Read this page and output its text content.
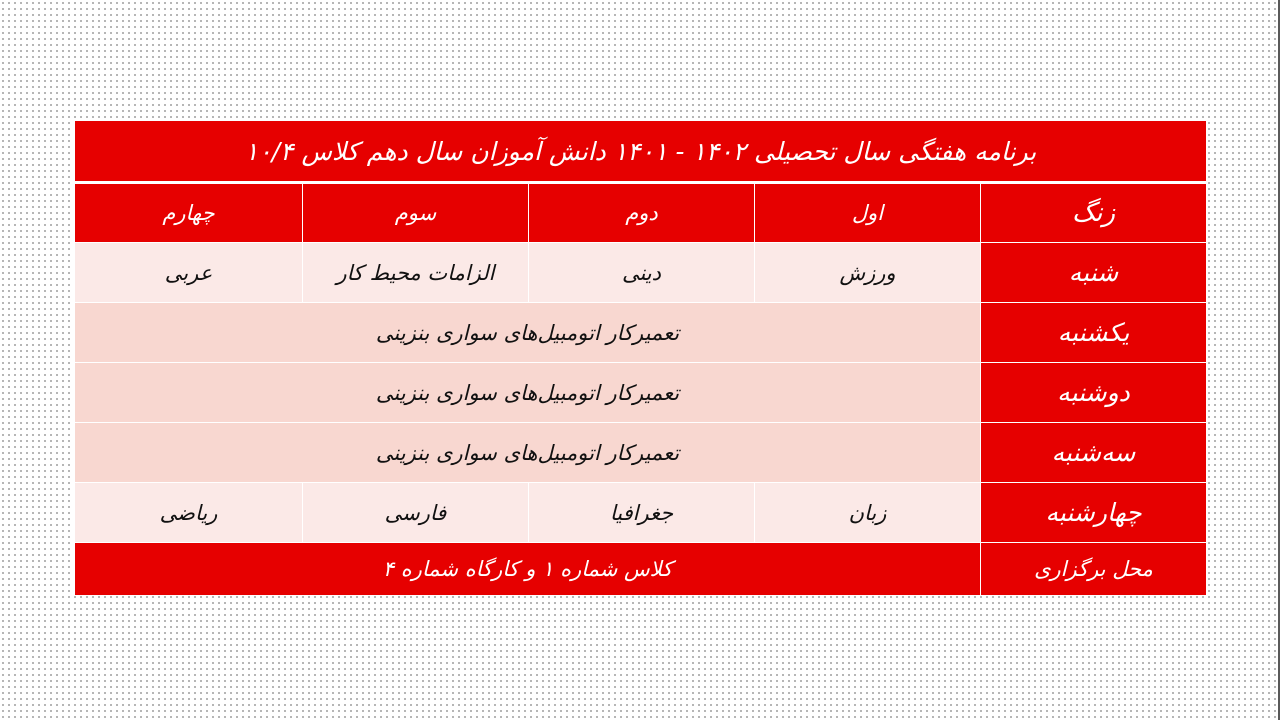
برنامه هفتگی سال تحصیلی ۱۴۰۲ - ۱۴۰۱ دانش آموزان سال دهم کلاس ۱۰/۴				
زنگ	اول	دوم	سوم	چهارم
شنبه	ورزش	دینی	الزامات محیط کار	عربی
یکشنبه	تعمیرکار اتومبیل‌های سواری بنزینی			
دوشنبه	تعمیرکار اتومبیل‌های سواری بنزینی			
سه‌شنبه	تعمیرکار اتومبیل‌های سواری بنزینی			
چهارشنبه	زبان	جغرافیا	فارسی	ریاضی
محل برگزاری	کلاس شماره ۱ و کارگاه شماره ۴			
